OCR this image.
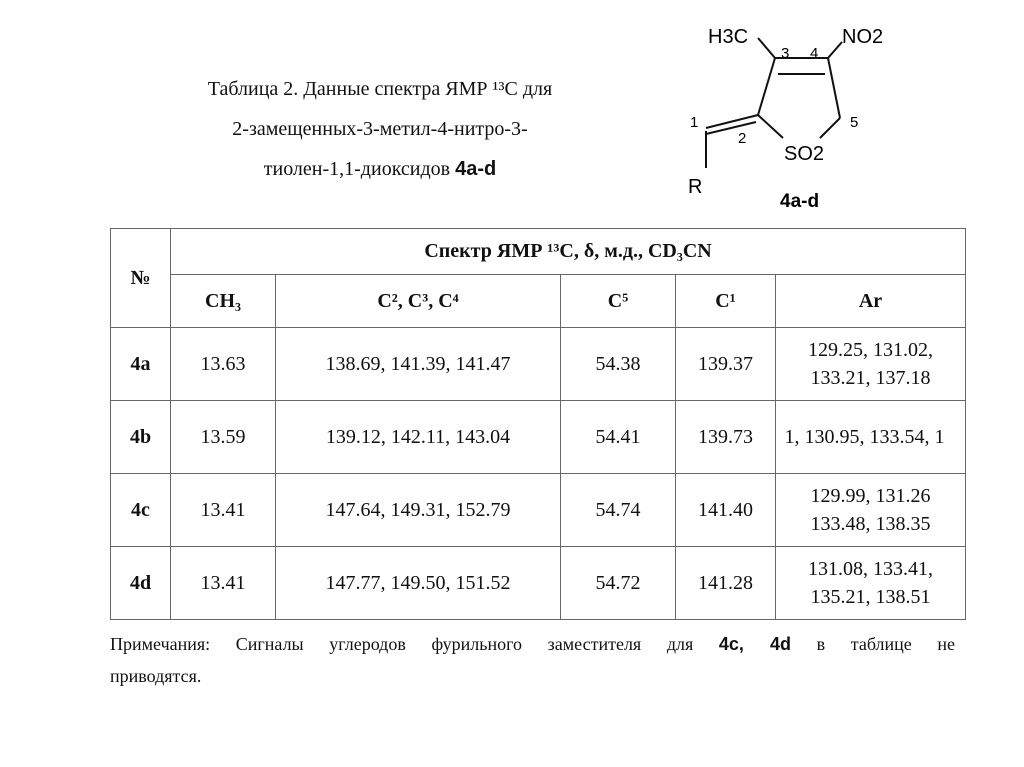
Таблица 2. Данные спектра ЯМР ¹³С для
2-замещенных-3-метил-4-нитро-3-
тиолен-1,1-диоксидов 4a-d
H3C	NO2
SO2
R
1
2
3 4
5
4a-d
№	Спектр ЯМР ¹³С, δ, м.д., CD₃CN				
	CH₃	C², C³, C⁴	C⁵	C¹	Ar
4a	13.63	138.69, 141.39, 141.47	54.38	139.37	129.25, 131.02,
133.21, 137.18

4b	13.59	139.12, 142.11, 143.04	54.41	139.73	1, 130.95, 133.54, 1

4c	13.41	147.64, 149.31, 152.79	54.74	141.40	129.99, 131.26
133.48, 138.35

4d	13.41	147.77, 149.50, 151.52	54.72	141.28	131.08, 133.41,
135.21, 138.51
Примечания: Сигналы углеродов фурильного заместителя для 4c, 4d в таблице не
приводятся.
